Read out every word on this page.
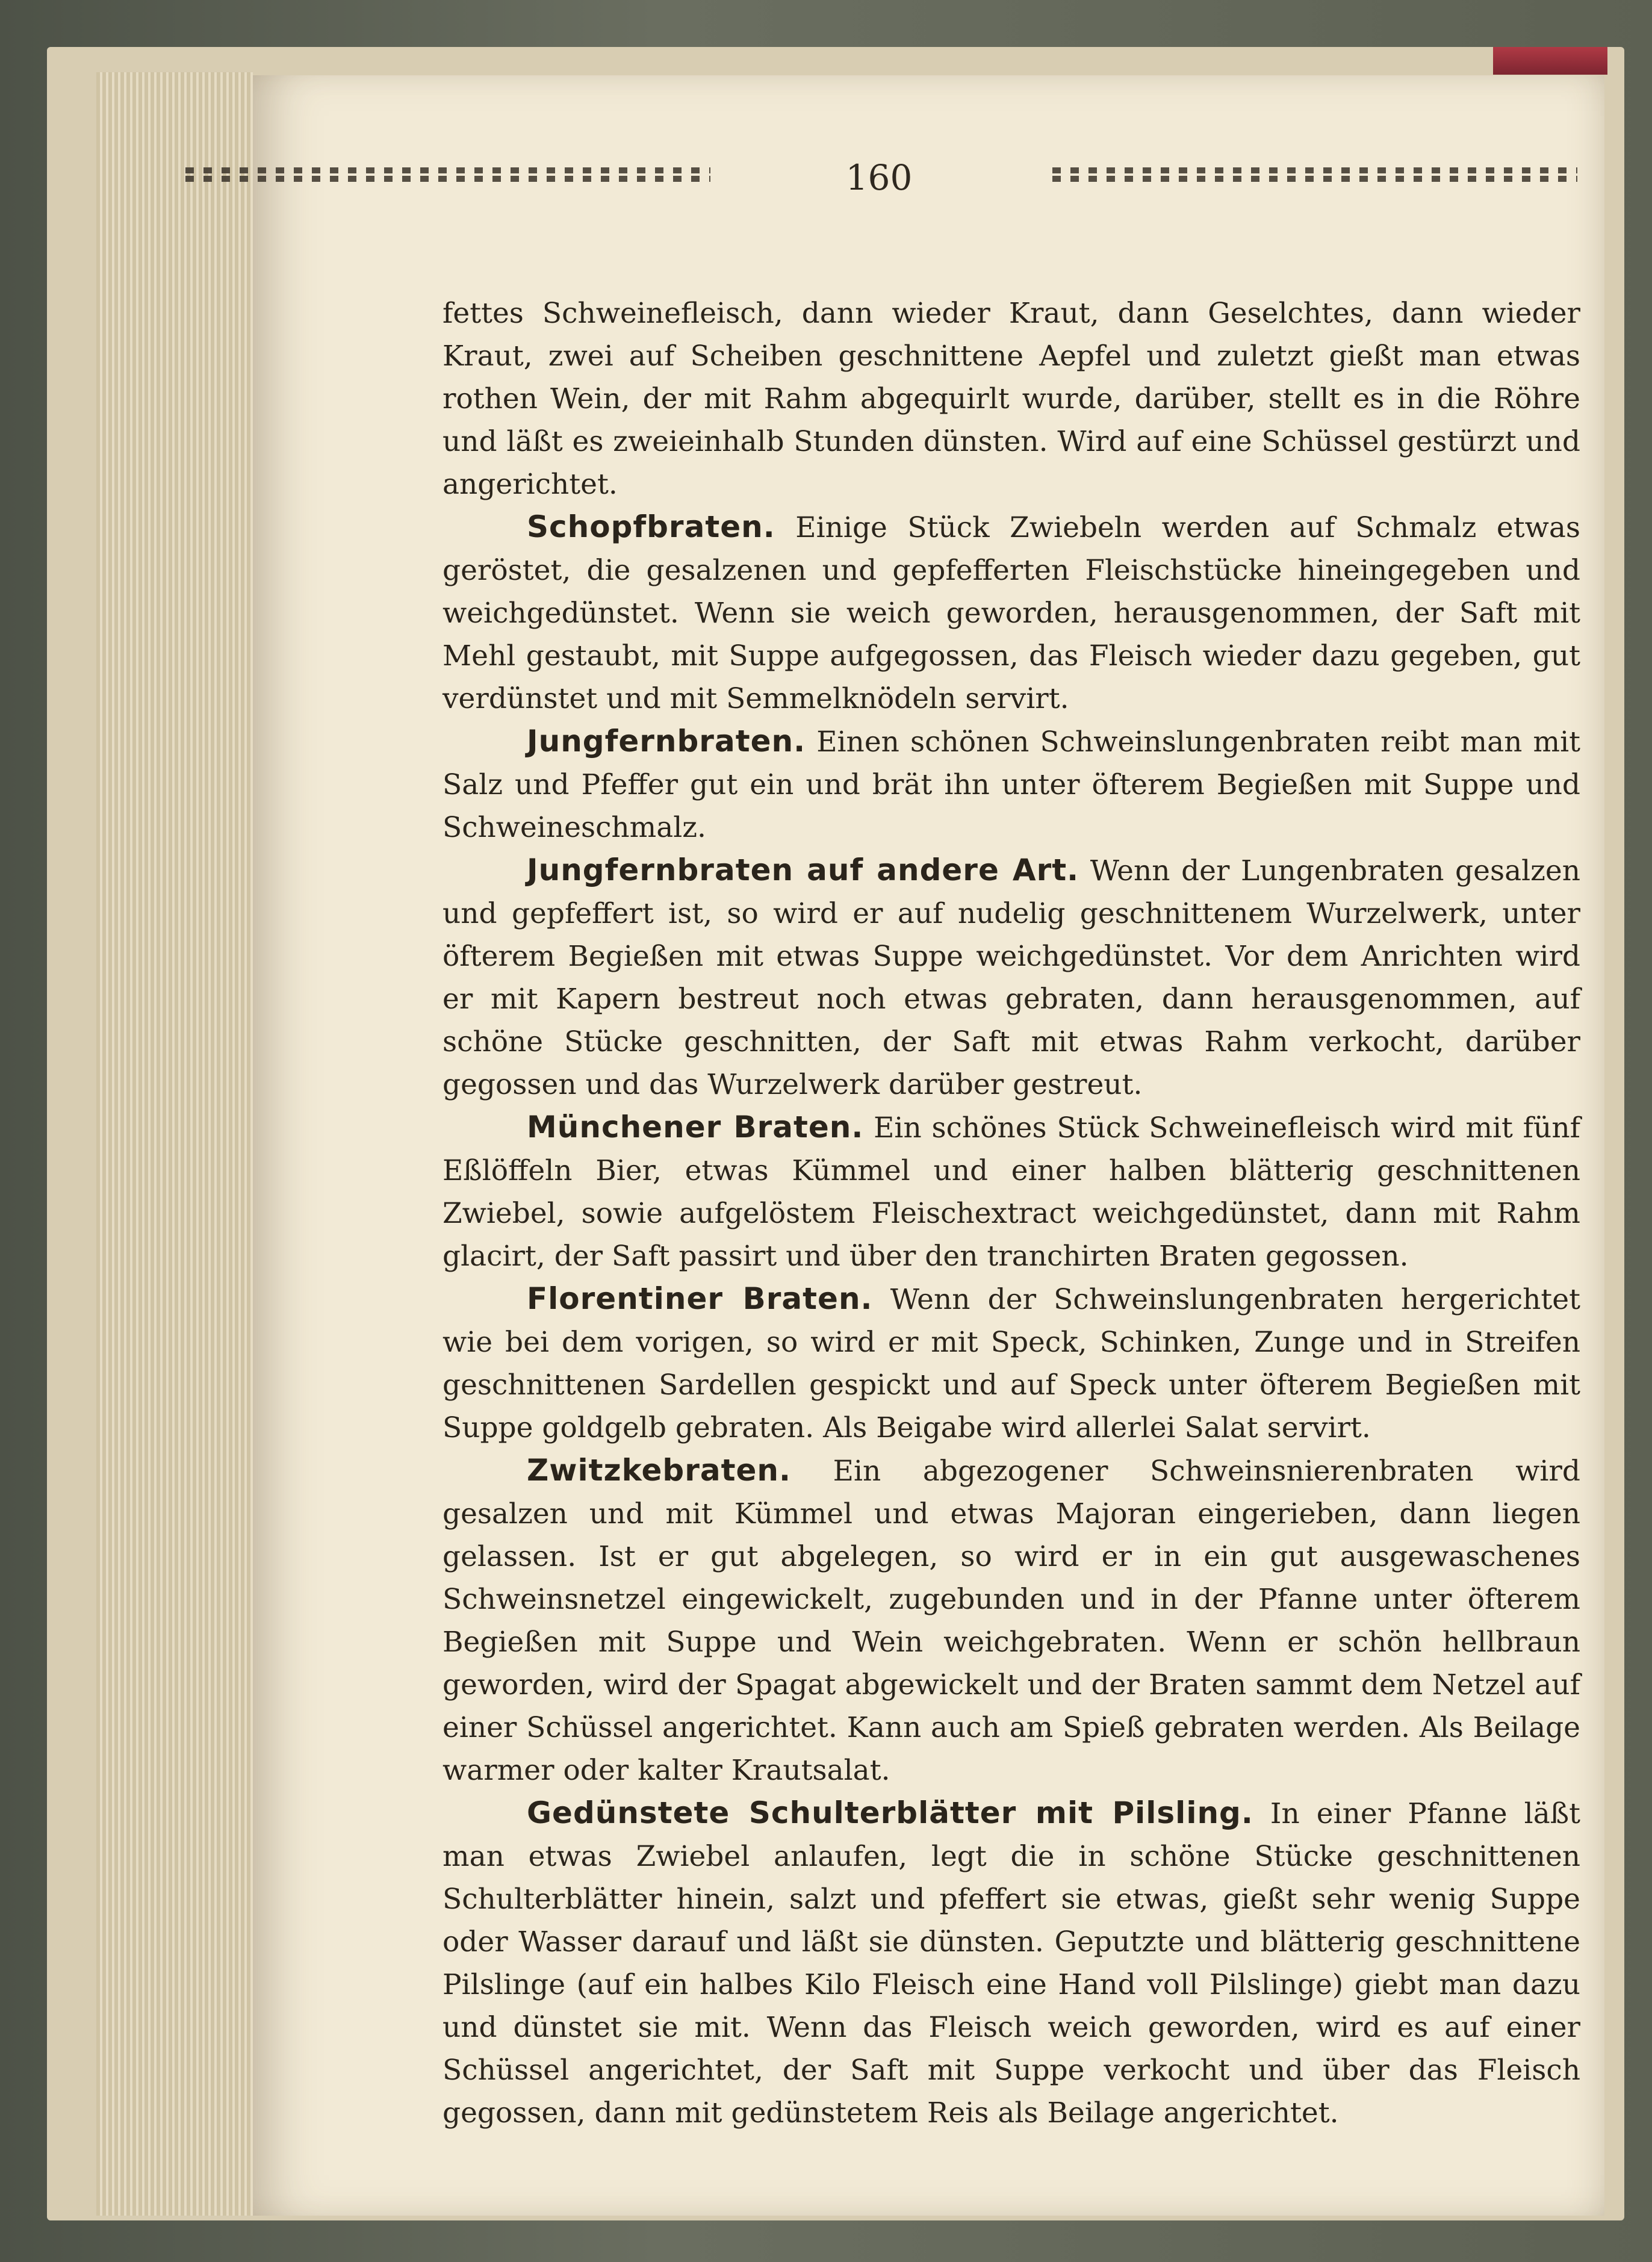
160

fettes Schweinefleisch, dann wieder Kraut, dann Geselchtes, dann wieder Kraut, zwei auf Scheiben geschnittene Aepfel und zuletzt gießt man etwas rothen Wein, der mit Rahm abgequirlt wurde, darüber, stellt es in die Röhre und läßt es zweieinhalb Stunden dünsten. Wird auf eine Schüssel gestürzt und angerichtet.

Schopfbraten. Einige Stück Zwiebeln werden auf Schmalz etwas geröstet, die gesalzenen und gepfefferten Fleischstücke hineingegeben und weichgedünstet. Wenn sie weich geworden, herausgenommen, der Saft mit Mehl gestaubt, mit Suppe aufgegossen, das Fleisch wieder dazu gegeben, gut verdünstet und mit Semmelknödeln servirt.

Jungfernbraten. Einen schönen Schweinslungenbraten reibt man mit Salz und Pfeffer gut ein und brät ihn unter öfterem Begießen mit Suppe und Schweineschmalz.

Jungfernbraten auf andere Art. Wenn der Lungenbraten gesalzen und gepfeffert ist, so wird er auf nudelig geschnittenem Wurzelwerk, unter öfterem Begießen mit etwas Suppe weichgedünstet. Vor dem Anrichten wird er mit Kapern bestreut noch etwas gebraten, dann herausgenommen, auf schöne Stücke geschnitten, der Saft mit etwas Rahm verkocht, darüber gegossen und das Wurzelwerk darüber gestreut.

Münchener Braten. Ein schönes Stück Schweinefleisch wird mit fünf Eßlöffeln Bier, etwas Kümmel und einer halben blätterig geschnittenen Zwiebel, sowie aufgelöstem Fleischextract weichgedünstet, dann mit Rahm glacirt, der Saft passirt und über den tranchirten Braten gegossen.

Florentiner Braten. Wenn der Schweinslungenbraten hergerichtet wie bei dem vorigen, so wird er mit Speck, Schinken, Zunge und in Streifen geschnittenen Sardellen gespickt und auf Speck unter öfterem Begießen mit Suppe goldgelb gebraten. Als Beigabe wird allerlei Salat servirt.

Zwitzkebraten. Ein abgezogener Schweinsnierenbraten wird gesalzen und mit Kümmel und etwas Majoran eingerieben, dann liegen gelassen. Ist er gut abgelegen, so wird er in ein gut ausgewaschenes Schweinsnetzel eingewickelt, zugebunden und in der Pfanne unter öfterem Begießen mit Suppe und Wein weichgebraten. Wenn er schön hellbraun geworden, wird der Spagat abgewickelt und der Braten sammt dem Netzel auf einer Schüssel angerichtet. Kann auch am Spieß gebraten werden. Als Beilage warmer oder kalter Krautsalat.

Gedünstete Schulterblätter mit Pilsling. In einer Pfanne läßt man etwas Zwiebel anlaufen, legt die in schöne Stücke geschnittenen Schulterblätter hinein, salzt und pfeffert sie etwas, gießt sehr wenig Suppe oder Wasser darauf und läßt sie dünsten. Geputzte und blätterig geschnittene Pilslinge (auf ein halbes Kilo Fleisch eine Hand voll Pilslinge) giebt man dazu und dünstet sie mit. Wenn das Fleisch weich geworden, wird es auf einer Schüssel angerichtet, der Saft mit Suppe verkocht und über das Fleisch gegossen, dann mit gedünstetem Reis als Beilage angerichtet.
